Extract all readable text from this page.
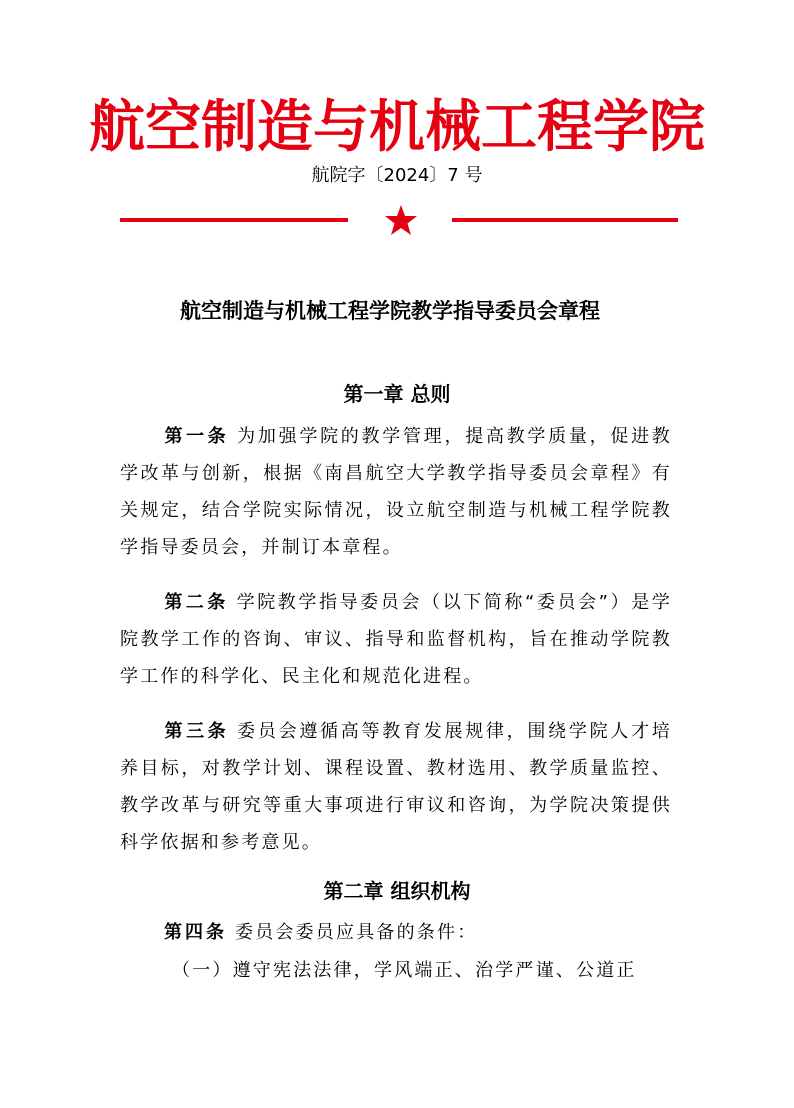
航空制造与机械工程学院
航院字〔2024〕7 号
航空制造与机械工程学院教学指导委员会章程
第一章 总则
第一条 为加强学院的教学管理，提高教学质量，促进教学改革与创新，根据《南昌航空大学教学指导委员会章程》有关规定，结合学院实际情况，设立航空制造与机械工程学院教学指导委员会，并制订本章程。
第二条 学院教学指导委员会（以下简称“委员会”）是学院教学工作的咨询、审议、指导和监督机构，旨在推动学院教学工作的科学化、民主化和规范化进程。
第三条 委员会遵循高等教育发展规律，围绕学院人才培养目标，对教学计划、课程设置、教材选用、教学质量监控、教学改革与研究等重大事项进行审议和咨询，为学院决策提供科学依据和参考意见。
第二章 组织机构
第四条 委员会委员应具备的条件：
（一）遵守宪法法律，学风端正、治学严谨、公道正
